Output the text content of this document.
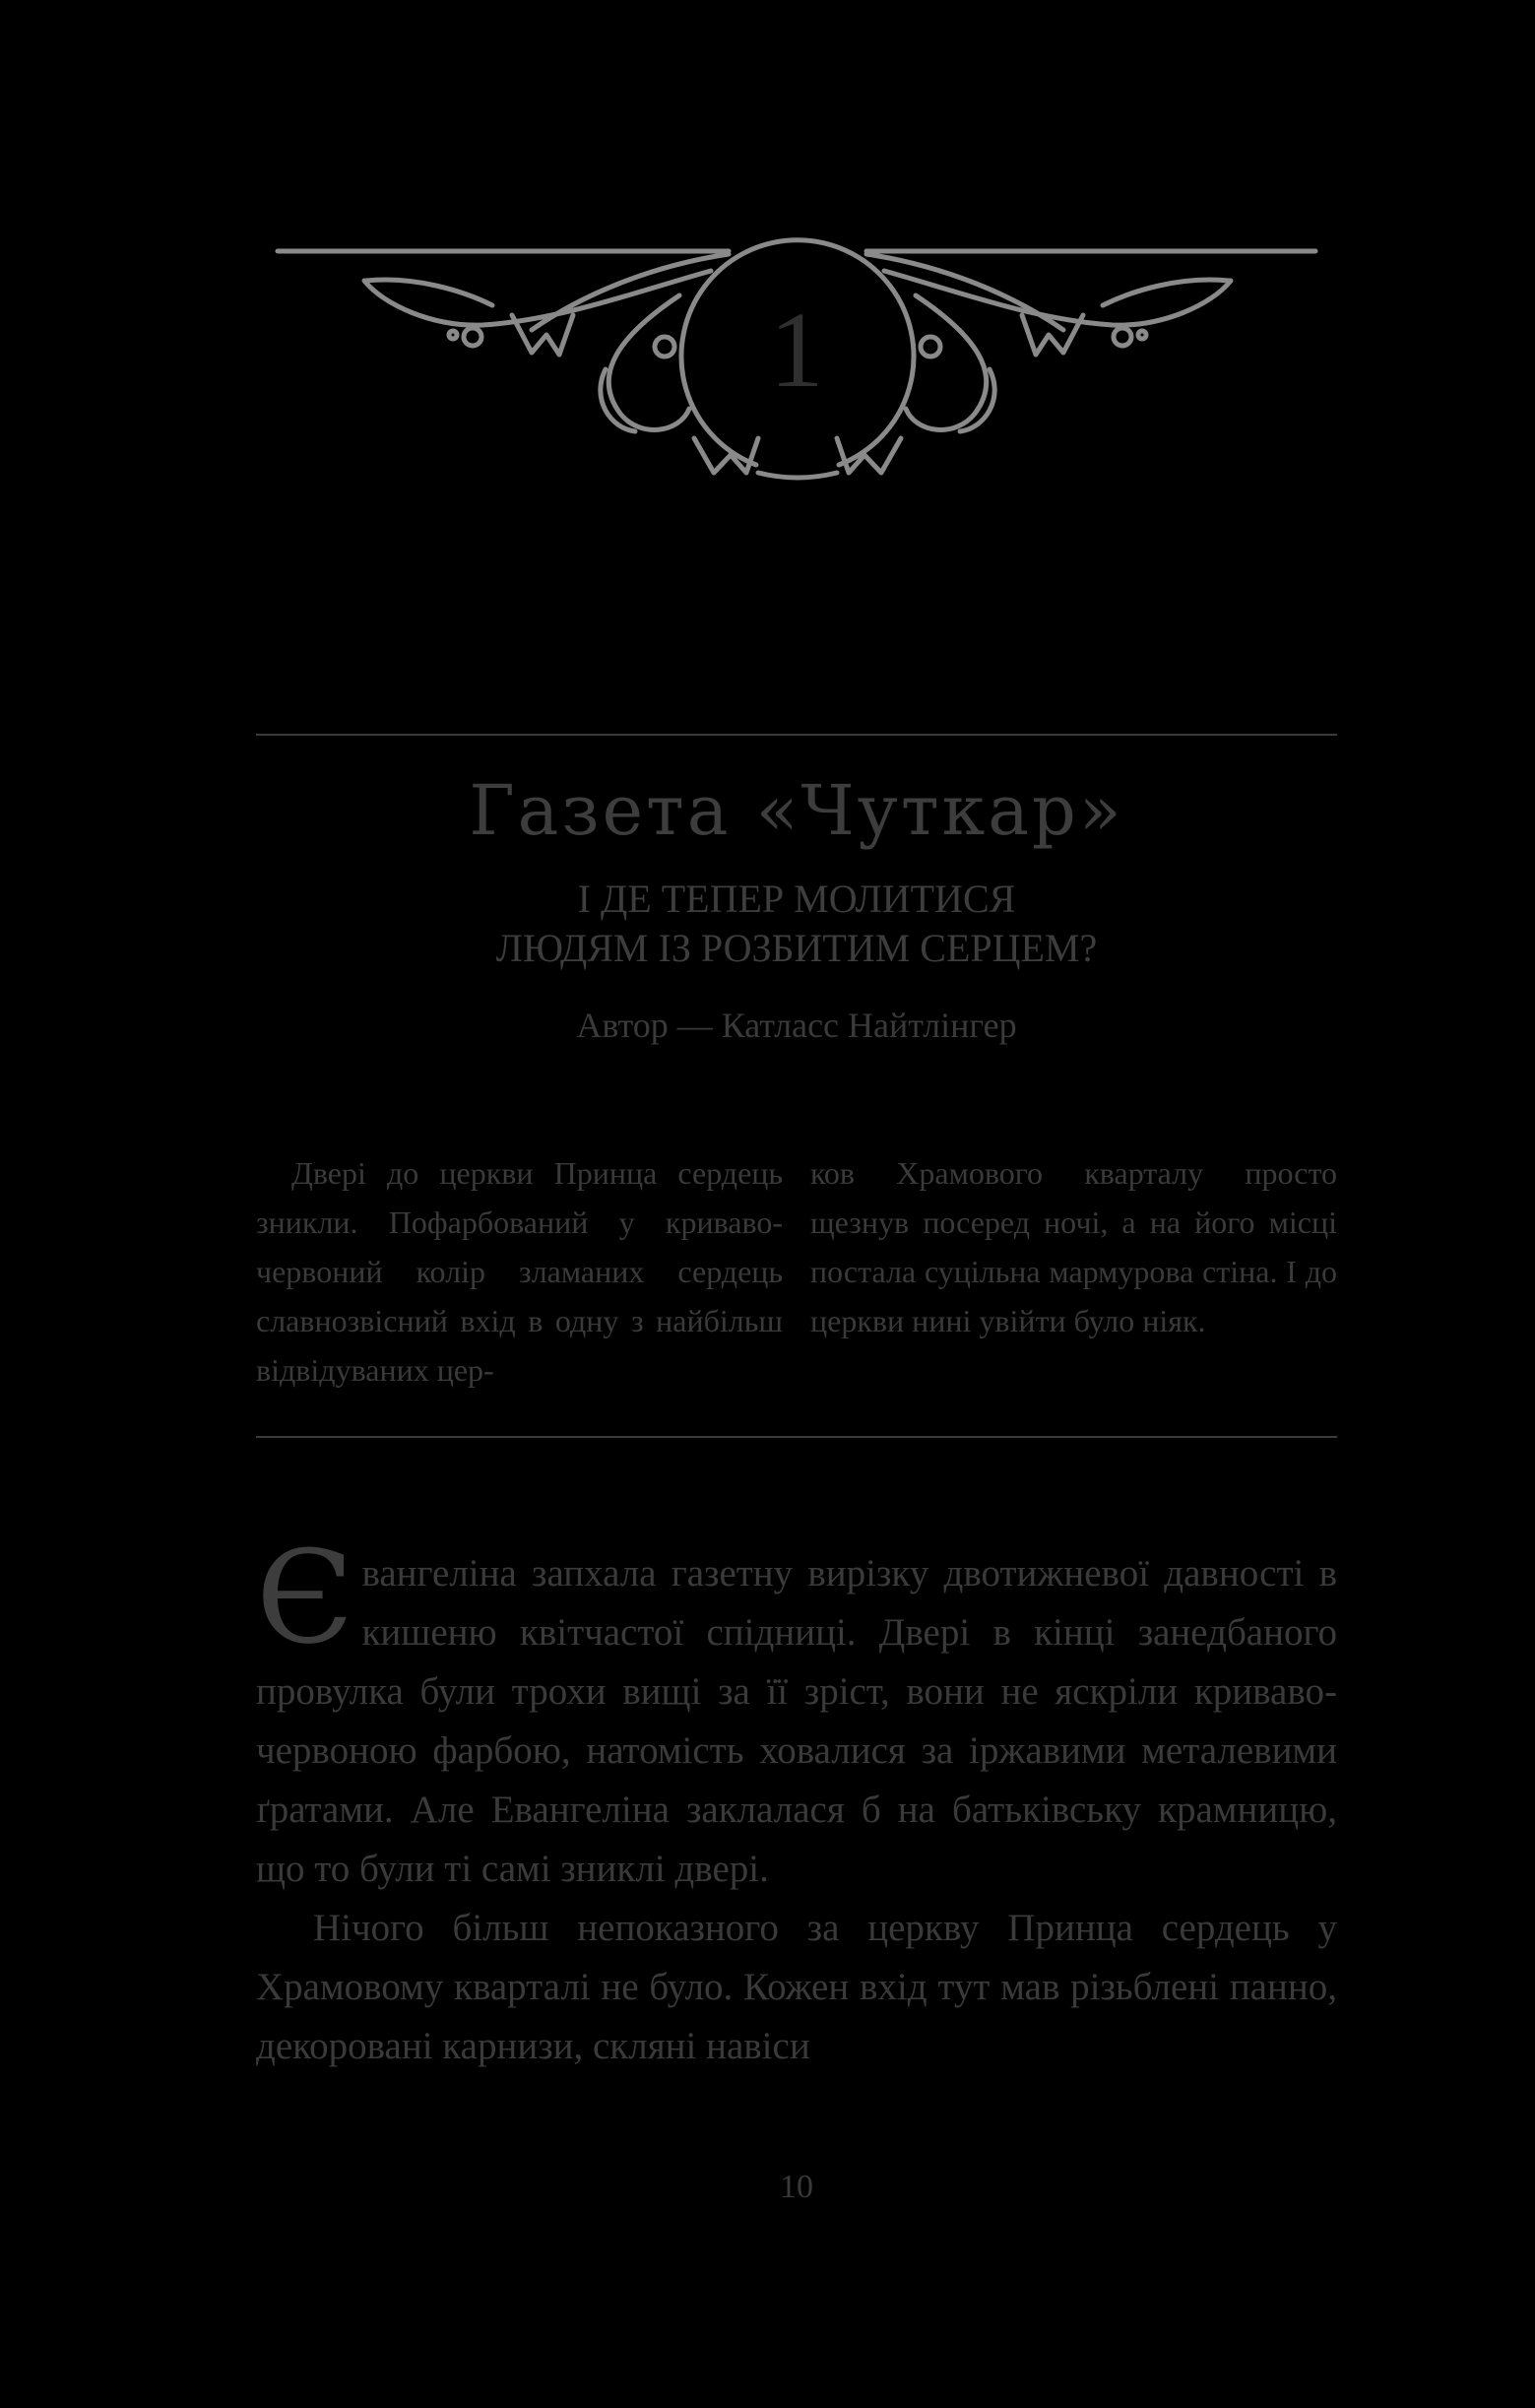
1
Газета «Чуткар»
І ДЕ ТЕПЕР МОЛИТИСЯ
ЛЮДЯМ ІЗ РОЗБИТИМ СЕРЦЕМ?
Автор — Катласс Найтлінгер
Двері до церкви Принца сердець зникли. Пофарбований у криваво-червоний колір зламаних сердець славнозвісний вхід в одну з найбільш відвідуваних цер-
ков Храмового кварталу просто щезнув посеред ночі, а на його місці постала суцільна мармурова стіна. І до церкви нині увійти було ніяк.

Євангеліна запхала газетну вирізку двотижневої давності в кишеню квітчастої спідниці. Двері в кінці занедбаного провулка були трохи вищі за її зріст, вони не яскріли криваво-червоною фарбою, натомість ховалися за іржавими металевими ґратами. Але Евангеліна заклалася б на батьківську крамницю, що то були ті самі зниклі двері.

Нічого більш непоказного за церкву Принца сердець у Храмовому кварталі не було. Кожен вхід тут мав різьблені панно, декоровані карнизи, скляні навіси

10
